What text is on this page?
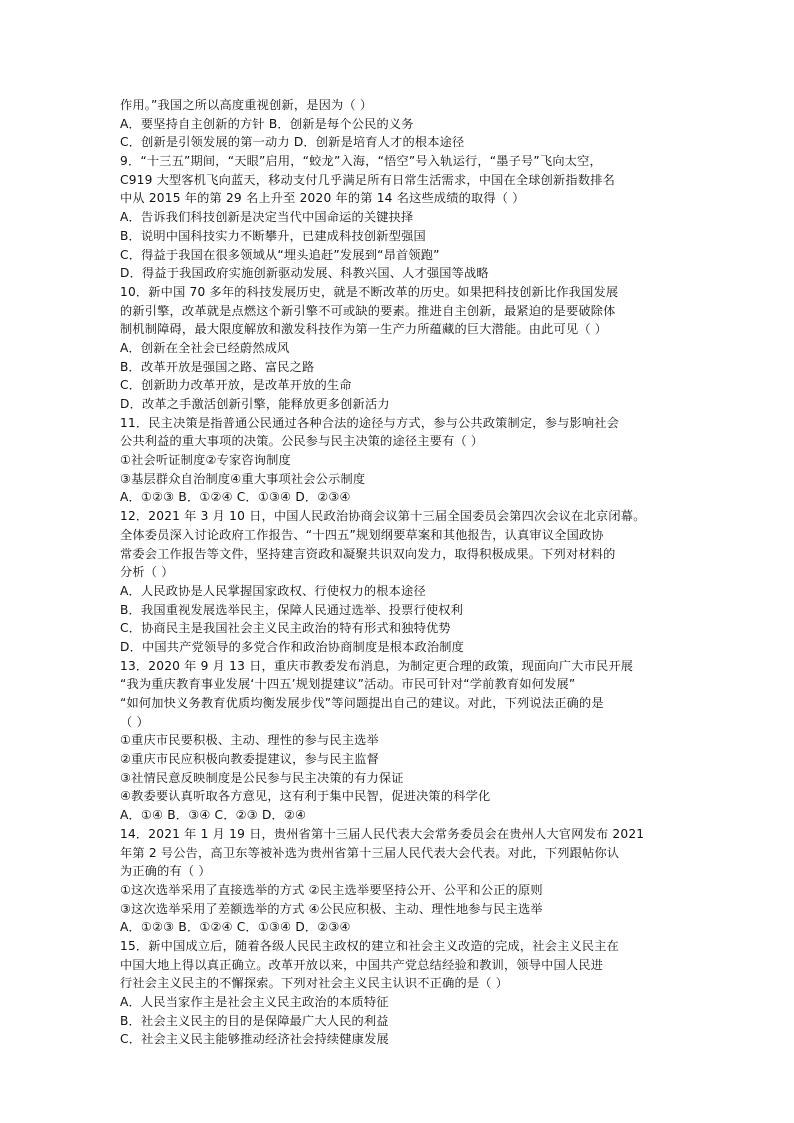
作用。”我国之所以高度重视创新，是因为（ ）
A．要坚持自主创新的方针 B．创新是每个公民的义务
C．创新是引领发展的第一动力 D．创新是培育人才的根本途径
9．“十三五”期间，“天眼”启用，“蛟龙”入海，“悟空”号入轨运行，“墨子号”飞向太空，
C919 大型客机飞向蓝天，移动支付几乎满足所有日常生活需求，中国在全球创新指数排名
中从 2015 年的第 29 名上升至 2020 年的第 14 名这些成绩的取得（ ）
A．告诉我们科技创新是决定当代中国命运的关键抉择
B．说明中国科技实力不断攀升，已建成科技创新型强国
C．得益于我国在很多领域从“埋头追赶”发展到“昂首领跑”
D．得益于我国政府实施创新驱动发展、科教兴国、人才强国等战略
10．新中国 70 多年的科技发展历史，就是不断改革的历史。如果把科技创新比作我国发展
的新引擎，改革就是点燃这个新引擎不可或缺的要素。推进自主创新，最紧迫的是要破除体
制机制障碍，最大限度解放和激发科技作为第一生产力所蕴藏的巨大潜能。由此可见（ ）
A．创新在全社会已经蔚然成风
B．改革开放是强国之路、富民之路
C．创新助力改革开放，是改革开放的生命
D．改革之手激活创新引擎，能释放更多创新活力
11．民主决策是指普通公民通过各种合法的途径与方式，参与公共政策制定，参与影响社会
公共利益的重大事项的决策。公民参与民主决策的途径主要有（ ）
①社会听证制度②专家咨询制度
③基层群众自治制度④重大事项社会公示制度
A．①②③ B．①②④ C．①③④ D．②③④
12．2021 年 3 月 10 日，中国人民政治协商会议第十三届全国委员会第四次会议在北京闭幕。
全体委员深入讨论政府工作报告、“十四五”规划纲要草案和其他报告，认真审议全国政协
常委会工作报告等文件，坚持建言资政和凝聚共识双向发力，取得积极成果。下列对材料的
分析（ ）
A．人民政协是人民掌握国家政权、行使权力的根本途径
B．我国重视发展选举民主，保障人民通过选举、投票行使权利
C．协商民主是我国社会主义民主政治的特有形式和独特优势
D．中国共产党领导的多党合作和政治协商制度是根本政治制度
13．2020 年 9 月 13 日，重庆市教委发布消息，为制定更合理的政策，现面向广大市民开展
“我为重庆教育事业发展‘十四五’规划提建议”活动。市民可针对“学前教育如何发展”
“如何加快义务教育优质均衡发展步伐”等问题提出自己的建议。对此，下列说法正确的是
（ ）
①重庆市民要积极、主动、理性的参与民主选举
②重庆市民应积极向教委提建议，参与民主监督
③社情民意反映制度是公民参与民主决策的有力保证
④教委要认真听取各方意见，这有利于集中民智，促进决策的科学化
A．①④ B．③④ C．②③ D．②④
14．2021 年 1 月 19 日，贵州省第十三届人民代表大会常务委员会在贵州人大官网发布 2021
年第 2 号公告，高卫东等被补选为贵州省第十三届人民代表大会代表。对此，下列跟帖你认
为正确的有（ ）
①这次选举采用了直接选举的方式 ②民主选举要坚持公开、公平和公正的原则
③这次选举采用了差额选举的方式 ④公民应积极、主动、理性地参与民主选举
A．①②③ B．①②④ C．①③④ D．②③④
15．新中国成立后，随着各级人民民主政权的建立和社会主义改造的完成，社会主义民主在
中国大地上得以真正确立。改革开放以来，中国共产党总结经验和教训，领导中国人民进
行社会主义民主的不懈探索。下列对社会主义民主认识不正确的是（ ）
A．人民当家作主是社会主义民主政治的本质特征
B．社会主义民主的目的是保障最广大人民的利益
C．社会主义民主能够推动经济社会持续健康发展
